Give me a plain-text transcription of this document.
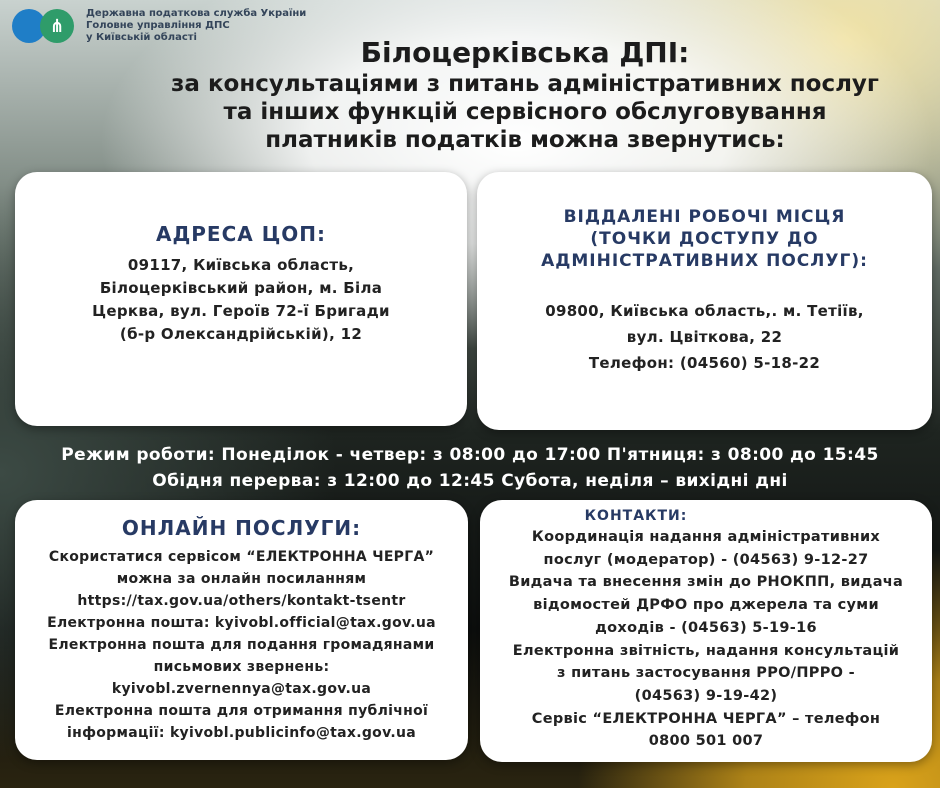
⋔
Державна податкова служба України
Головне управління ДПС
у Київській області	Білоцерківська ДПІ:
за консультаціями з питань адміністративних послуг
та інших функцій сервісного обслуговування
платників податків можна звернутись:
АДРЕСА ЦОП:
09117, Київська область,
Білоцерківський район, м. Біла
Церква, вул. Героїв 72-ї Бригади
(б-р Олександрійській), 12
ВІДДАЛЕНІ РОБОЧІ МІСЦЯ
(ТОЧКИ ДОСТУПУ ДО
АДМІНІСТРАТИВНИХ ПОСЛУГ):
09800, Київська область,. м. Тетіїв,
вул. Цвіткова, 22
Телефон: (04560) 5-18-22
Режим роботи: Понеділок - четвер: з 08:00 до 17:00 П'ятниця: з 08:00 до 15:45
Обідня перерва: з 12:00 до 12:45 Субота, неділя – вихідні дні
ОНЛАЙН ПОСЛУГИ:
Скористатися сервісом “ЕЛЕКТРОННА ЧЕРГА”
можна за онлайн посиланням
https://tax.gov.ua/others/kontakt-tsentr
Електронна пошта: kyivobl.official@tax.gov.ua
Електронна пошта для подання громадянами
письмових звернень:
kyivobl.zvernennya@tax.gov.ua
Електронна пошта для отримання публічної
інформації: kyivobl.publicinfo@tax.gov.ua
КОНТАКТИ:
Координація надання адміністративних
послуг (модератор) - (04563) 9-12-27
Видача та внесення змін до РНОКПП, видача
відомостей ДРФО про джерела та суми
доходів - (04563) 5-19-16
Електронна звітність, надання консультацій
з питань застосування РРО/ПРРО -
(04563) 9-19-42)
Сервіс “ЕЛЕКТРОННА ЧЕРГА” – телефон
0800 501 007
